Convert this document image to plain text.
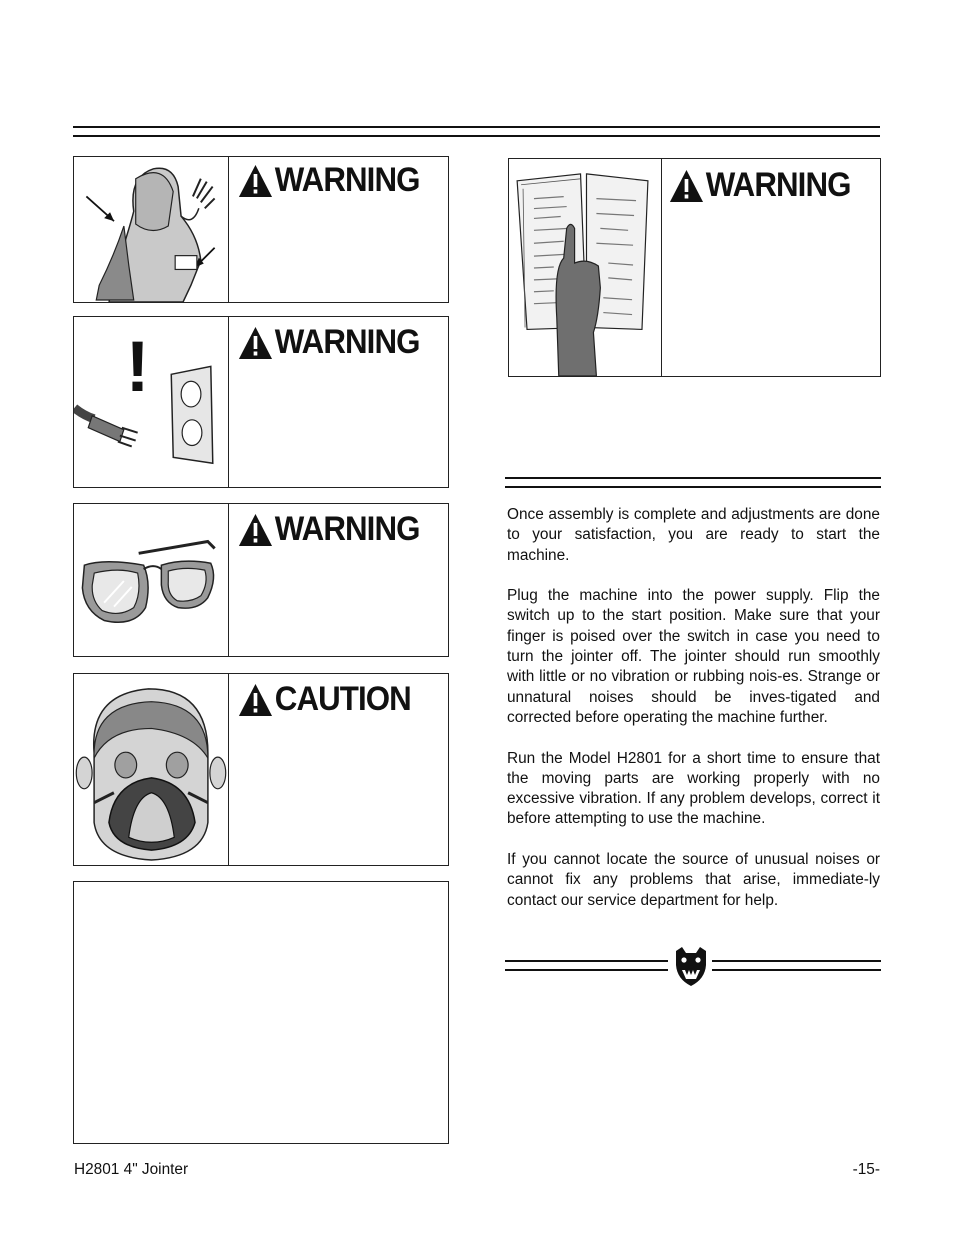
WARNING
!	WARNING
WARNING
CAUTION
WARNING

Once assembly is complete and adjustments are done to your satisfaction, you are ready to start the machine.

Plug the machine into the power supply. Flip the switch up to the start position. Make sure that your finger is poised over the switch in case you need to turn the jointer off. The jointer should run smoothly with little or no vibration or rubbing nois-es. Strange or unnatural noises should be inves-tigated and corrected before operating the machine further.

Run the Model H2801 for a short time to ensure that the moving parts are working properly with no excessive vibration. If any problem develops, correct it before attempting to use the machine.

If you cannot locate the source of unusual noises or cannot fix any problems that arise, immediate-ly contact our service department for help.

H2801 4" Jointer	-15-
